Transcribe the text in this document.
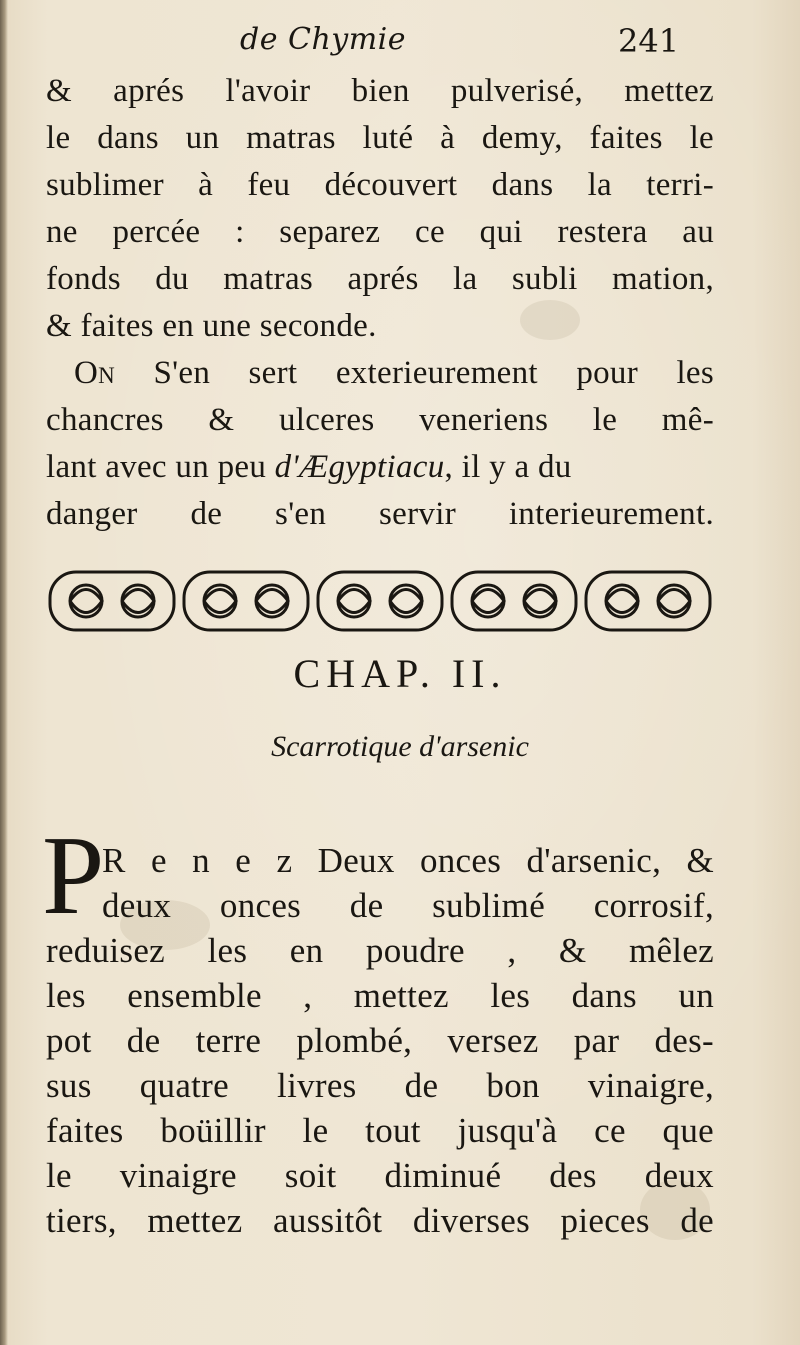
de Chymie	241
& aprés l'avoir bien pulverisé, mettez
le dans un matras luté à demy, faites le
sublimer à feu découvert dans la terri-
ne percée : separez ce qui restera au
fonds du matras aprés la subli mation,
& faites en une seconde.
On S'en sert exterieurement pour les
chancres & ulceres veneriens le mê-
lant avec un peu d'Ægyptiacu, il y a du
danger de s'en servir interieurement.
CHAP. II.
Scarrotique d'arsenic
P
R e n e z Deux onces d'arsenic, &
deux onces de sublimé corrosif,
reduisez les en poudre , & mêlez
les ensemble , mettez les dans un
pot de terre plombé, versez par des-
sus quatre livres de bon vinaigre,
faites boüillir le tout jusqu'à ce que
le vinaigre soit diminué des deux
tiers, mettez aussitôt diverses pieces de
